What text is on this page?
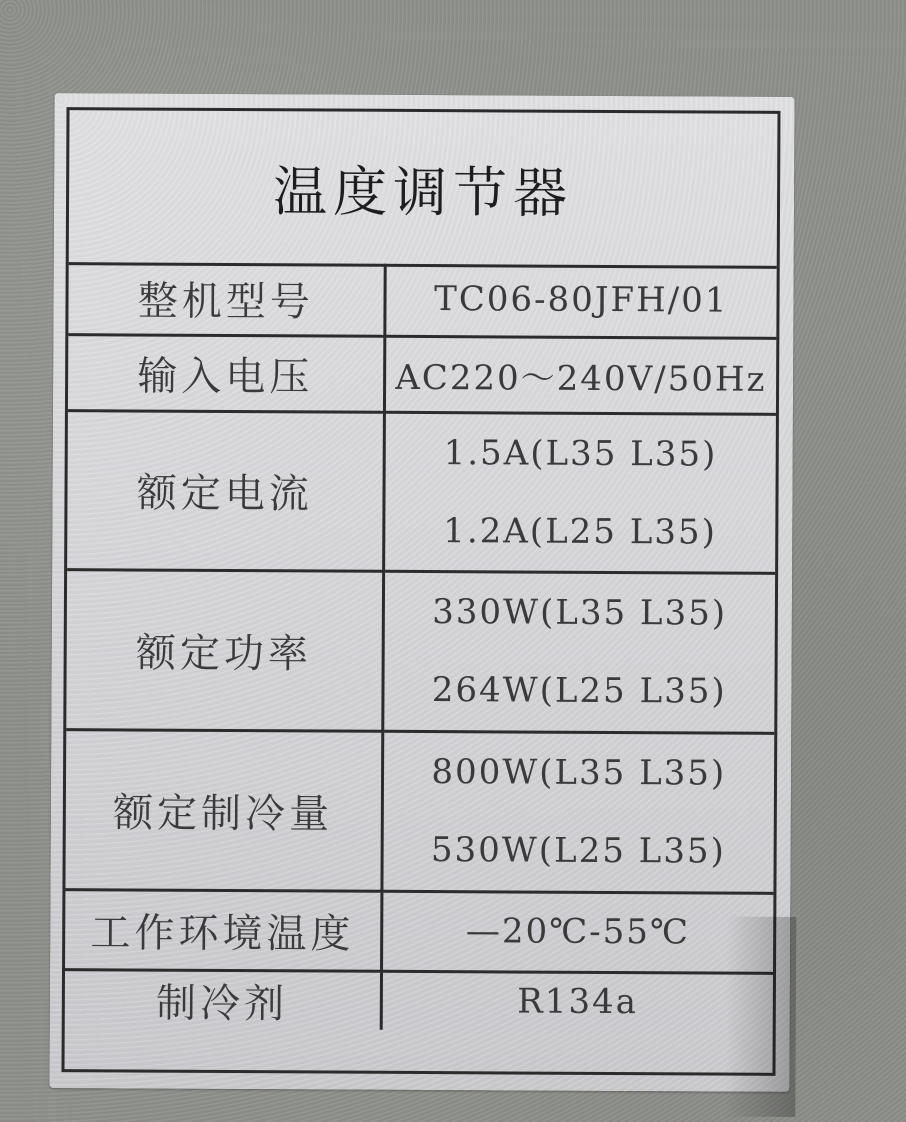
温度调节器
整机型号	TC06-80JFH/01
输入电压	AC220～240V/50Hz
额定电流	1.5A(L35 L35)
1.2A(L25 L35)

额定功率	330W(L35 L35)
264W(L25 L35)

额定制冷量	800W(L35 L35)
530W(L25 L35)

工作环境温度	—20℃-55℃
制冷剂	R134a
